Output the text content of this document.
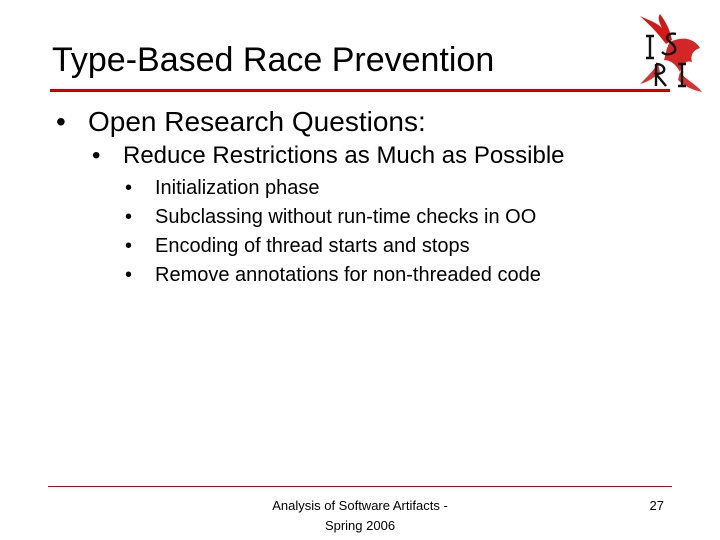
Type-Based Race Prevention
• Open Research Questions:
• Reduce Restrictions as Much as Possible
• Initialization phase
• Subclassing without run-time checks in OO
• Encoding of thread starts and stops
• Remove annotations for non-threaded code
Analysis of Software Artifacts -
Spring 2006
27
